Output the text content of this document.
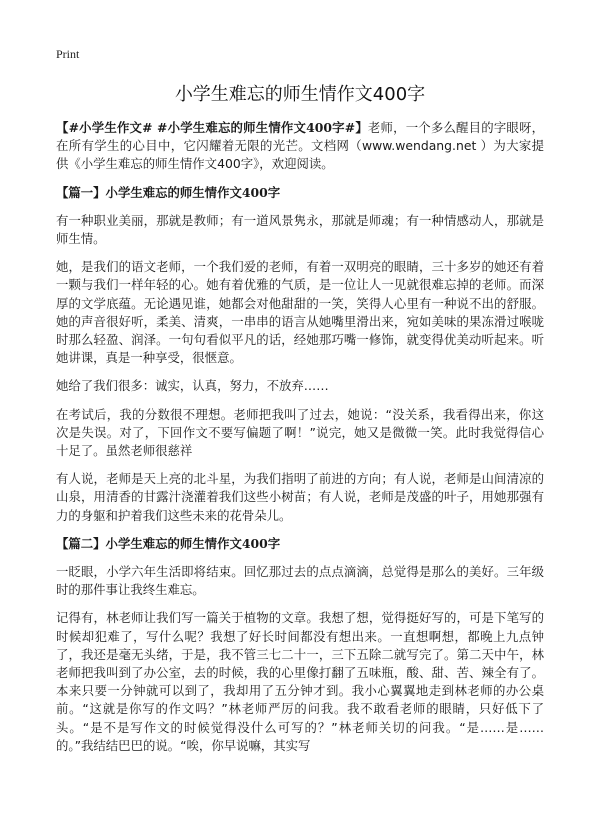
Print
小学生难忘的师生情作文400字

【#小学生作文# #小学生难忘的师生情作文400字#】老师，一个多么醒目的字眼呀，在所有学生的心目中，它闪耀着无限的光芒。文档网（www.wendang.net ）为大家提供《小学生难忘的师生情作文400字》，欢迎阅读。

【篇一】小学生难忘的师生情作文400字

有一种职业美丽，那就是教师；有一道风景隽永，那就是师魂；有一种情感动人，那就是师生情。

她，是我们的语文老师，一个我们爱的老师，有着一双明亮的眼睛，三十多岁的她还有着一颗与我们一样年轻的心。她有着优雅的气质，是一位让人一见就很难忘掉的老师。而深厚的文学底蕴。无论遇见谁，她都会对他甜甜的一笑，笑得人心里有一种说不出的舒服。她的声音很好听，柔美、清爽，一串串的语言从她嘴里滑出来，宛如美味的果冻滑过喉咙时那么轻盈、润泽。一句句看似平凡的话，经她那巧嘴一修饰，就变得优美动听起来。听她讲课，真是一种享受，很惬意。

她给了我们很多：诚实，认真，努力，不放弃……

在考试后，我的分数很不理想。老师把我叫了过去，她说：“没关系，我看得出来，你这次是失误。对了，下回作文不要写偏题了啊！”说完，她又是微微一笑。此时我觉得信心十足了。虽然老师很慈祥

有人说，老师是天上亮的北斗星，为我们指明了前进的方向；有人说，老师是山间清凉的山泉，用清香的甘露汁浇灌着我们这些小树苗；有人说，老师是茂盛的叶子，用她那强有力的身躯和护着我们这些未来的花骨朵儿。

【篇二】小学生难忘的师生情作文400字

一眨眼，小学六年生活即将结束。回忆那过去的点点滴滴，总觉得是那么的美好。三年级时的那件事让我终生难忘。

记得有，林老师让我们写一篇关于植物的文章。我想了想，觉得挺好写的，可是下笔写的时候却犯难了，写什么呢？我想了好长时间都没有想出来。一直想啊想，都晚上九点钟了，我还是毫无头绪，于是，我不管三七二十一，三下五除二就写完了。第二天中午，林老师把我叫到了办公室，去的时候，我的心里像打翻了五味瓶，酸、甜、苦、辣全有了。本来只要一分钟就可以到了，我却用了五分钟才到。我小心翼翼地走到林老师的办公桌前。“这就是你写的作文吗？”林老师严厉的问我。我不敢看老师的眼睛，只好低下了头。“是不是写作文的时候觉得没什么可写的？”林老师关切的问我。“是……是……的。”我结结巴巴的说。“唉，你早说嘛，其实写
